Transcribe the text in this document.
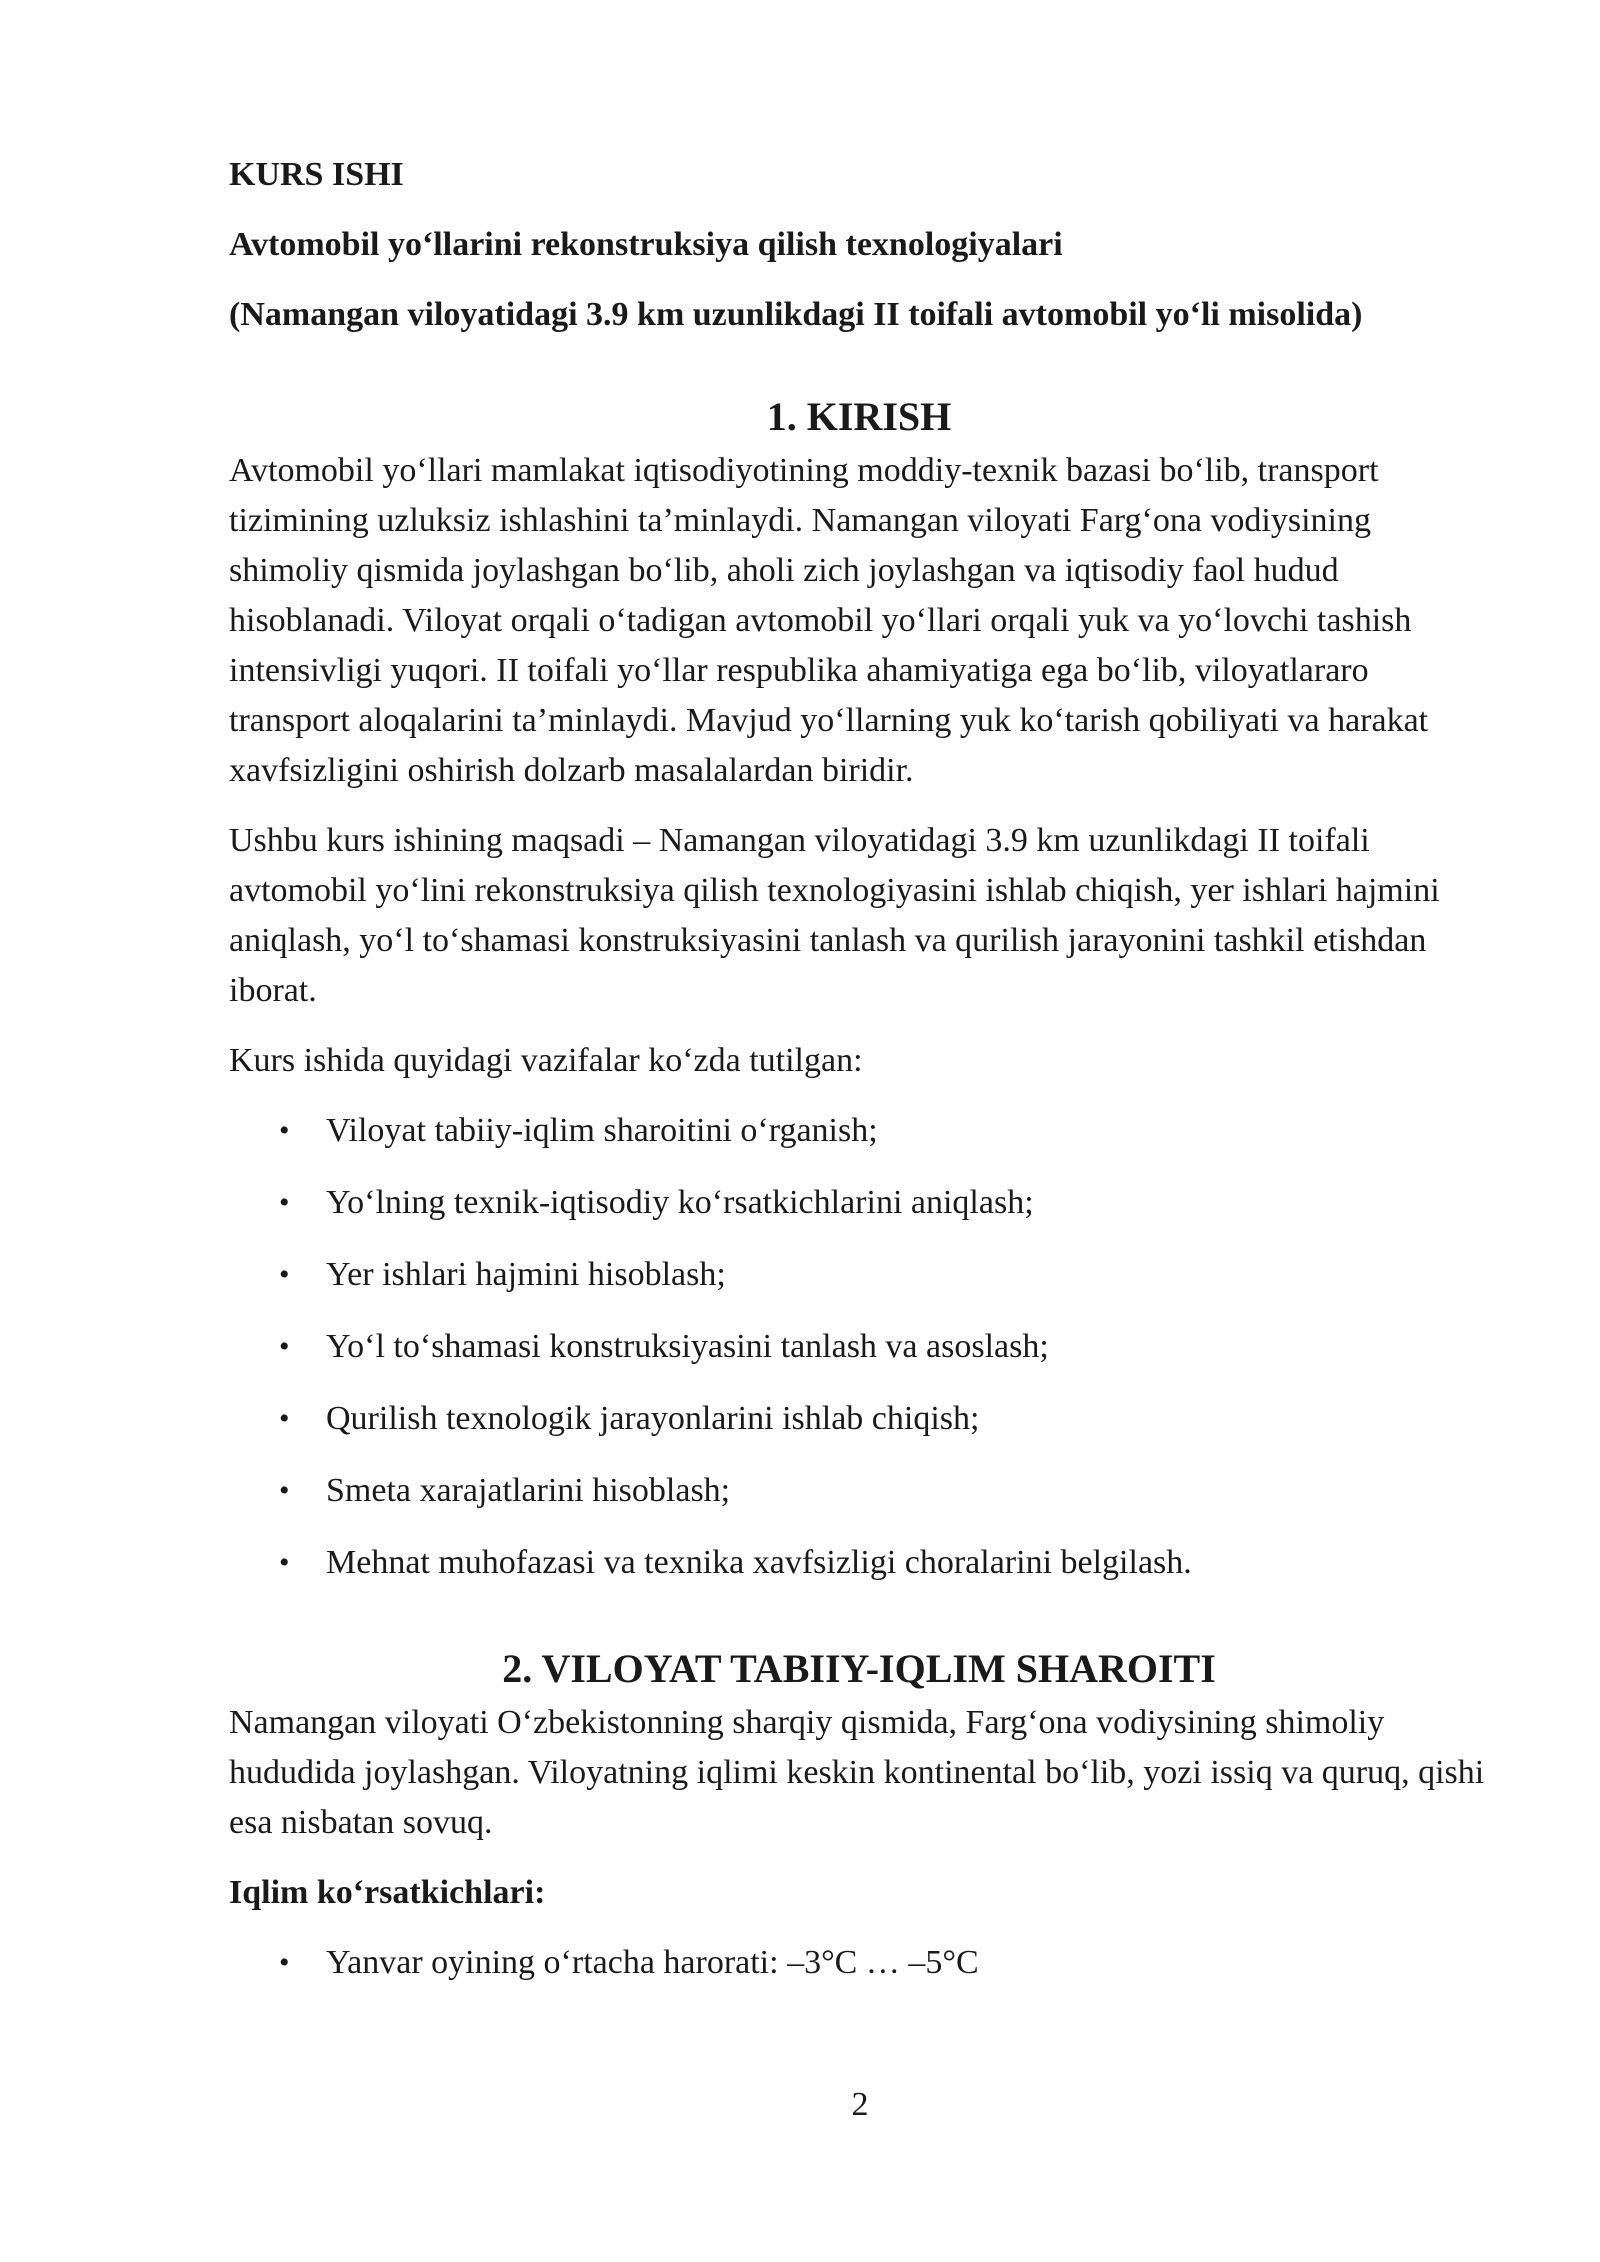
KURS ISHI

Avtomobil yo‘llarini rekonstruksiya qilish texnologiyalari

(Namangan viloyatidagi 3.9 km uzunlikdagi II toifali avtomobil yo‘li misolida)

1. KIRISH

Avtomobil yo‘llari mamlakat iqtisodiyotining moddiy-texnik bazasi bo‘lib, transport tizimining uzluksiz ishlashini ta’minlaydi. Namangan viloyati Farg‘ona vodiysining shimoliy qismida joylashgan bo‘lib, aholi zich joylashgan va iqtisodiy faol hudud hisoblanadi. Viloyat orqali o‘tadigan avtomobil yo‘llari orqali yuk va yo‘lovchi tashish intensivligi yuqori. II toifali yo‘llar respublika ahamiyatiga ega bo‘lib, viloyatlararo transport aloqalarini ta’minlaydi. Mavjud yo‘llarning yuk ko‘tarish qobiliyati va harakat xavfsizligini oshirish dolzarb masalalardan biridir.

Ushbu kurs ishining maqsadi – Namangan viloyatidagi 3.9 km uzunlikdagi II toifali avtomobil yo‘lini rekonstruksiya qilish texnologiyasini ishlab chiqish, yer ishlari hajmini aniqlash, yo‘l to‘shamasi konstruksiyasini tanlash va qurilish jarayonini tashkil etishdan iborat.

Kurs ishida quyidagi vazifalar ko‘zda tutilgan:

• Viloyat tabiiy-iqlim sharoitini o‘rganish;
• Yo‘lning texnik-iqtisodiy ko‘rsatkichlarini aniqlash;
• Yer ishlari hajmini hisoblash;
• Yo‘l to‘shamasi konstruksiyasini tanlash va asoslash;
• Qurilish texnologik jarayonlarini ishlab chiqish;
• Smeta xarajatlarini hisoblash;
• Mehnat muhofazasi va texnika xavfsizligi choralarini belgilash.
2. VILOYAT TABIIY-IQLIM SHAROITI

Namangan viloyati O‘zbekistonning sharqiy qismida, Farg‘ona vodiysining shimoliy hududida joylashgan. Viloyatning iqlimi keskin kontinental bo‘lib, yozi issiq va quruq, qishi esa nisbatan sovuq.

Iqlim ko‘rsatkichlari:

• Yanvar oyining o‘rtacha harorati: –3°C … –5°C
2
